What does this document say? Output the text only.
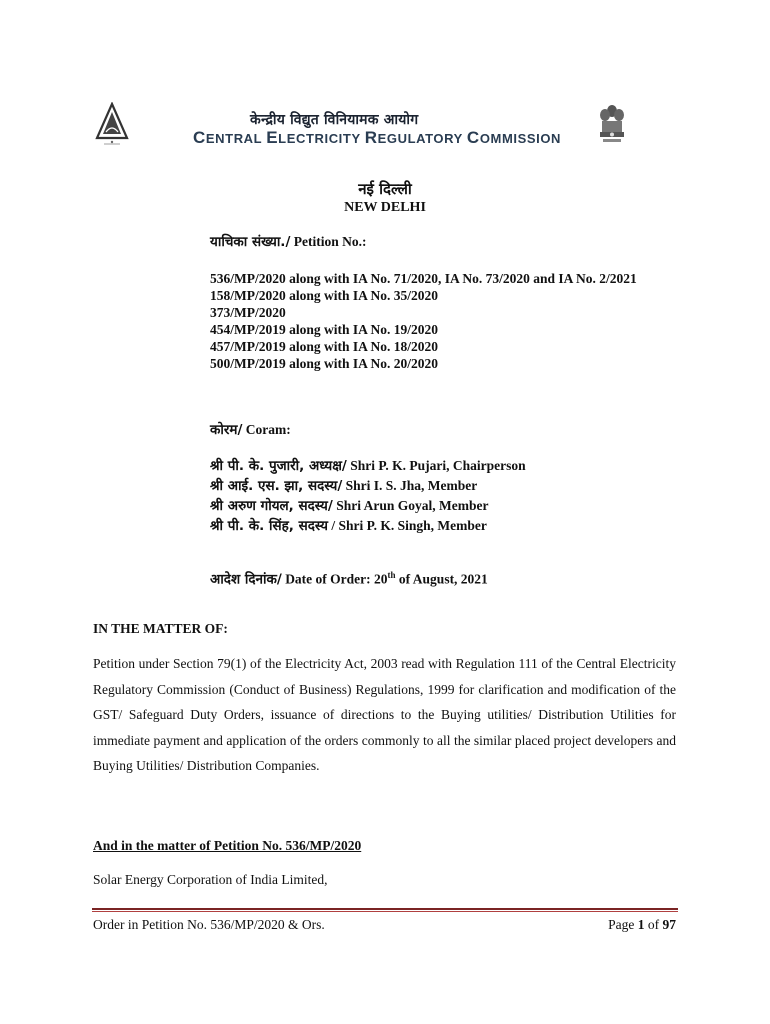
केन्द्रीय विद्युत विनियामक आयोग
CENTRAL ELECTRICITY REGULATORY COMMISSION
नई दिल्ली
NEW DELHI
याचिका संख्या./ Petition No.:
536/MP/2020 along with IA No. 71/2020, IA No. 73/2020 and IA No. 2/2021
158/MP/2020 along with IA No. 35/2020
373/MP/2020
454/MP/2019 along with IA No. 19/2020
457/MP/2019 along with IA No. 18/2020
500/MP/2019 along with IA No. 20/2020
कोरम/ Coram:
श्री पी. के. पुजारी, अध्यक्ष/ Shri P. K. Pujari, Chairperson
श्री आई. एस. झा, सदस्य/ Shri I. S. Jha, Member
श्री अरुण गोयल, सदस्य/ Shri Arun Goyal, Member
श्री पी. के. सिंह, सदस्य / Shri P. K. Singh, Member
आदेश दिनांक/ Date of Order: 20th of August, 2021
IN THE MATTER OF:
Petition under Section 79(1) of the Electricity Act, 2003 read with Regulation 111 of the Central Electricity Regulatory Commission (Conduct of Business) Regulations, 1999 for clarification and modification of the GST/ Safeguard Duty Orders, issuance of directions to the Buying utilities/ Distribution Utilities for immediate payment and application of the orders commonly to all the similar placed project developers and Buying Utilities/ Distribution Companies.
And in the matter of Petition No. 536/MP/2020
Solar Energy Corporation of India Limited,
Order in Petition No. 536/MP/2020 & Ors.	Page 1 of 97
